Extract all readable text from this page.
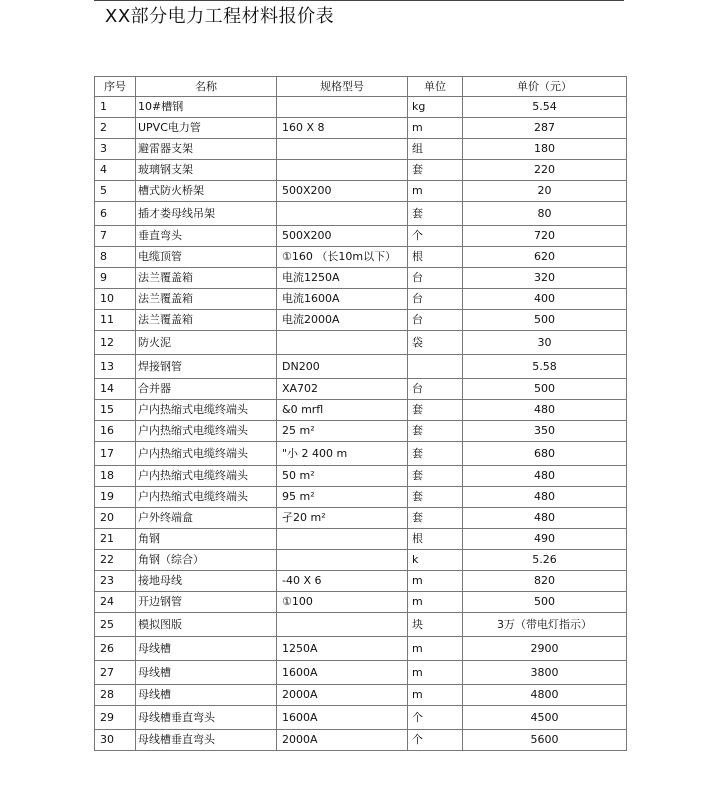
XX部分电力工程材料报价表
序号	名称	规格型号	单位	单价（元）
1	10#槽钢		kg	5.54
2	UPVC电力管	160 X 8	m	287
3	避雷器支架		组	180
4	玻璃钢支架		套	220
5	槽式防火桥架	500X200	m	20
6	插才娄母线吊架		套	80
7	垂直弯头	500X200	个	720
8	电缆顶管	①160 （长10m以下）	根	620
9	法兰覆盖箱	电流1250A	台	320
10	法兰覆盖箱	电流1600A	台	400
11	法兰覆盖箱	电流2000A	台	500
12	防火泥		袋	30
13	焊接钢管	DN200		5.58
14	合并器	XA702	台	500
15	户内热缩式电缆终端头	&0 mrfl	套	480
16	户内热缩式电缆终端头	25 m²	套	350
17	户内热缩式电缆终端头	"小 2 400 m	套	680
18	户内热缩式电缆终端头	50 m²	套	480
19	户内热缩式电缆终端头	95 m²	套	480
20	户外终端盒	孑20 m²	套	480
21	角钢		根	490
22	角钢（综合）		k	5.26
23	接地母线	-40 X 6	m	820
24	开边钢管	①100	m	500
25	模拟图版		块	3万（带电灯指示）
26	母线槽	1250A	m	2900
27	母线槽	1600A	m	3800
28	母线槽	2000A	m	4800
29	母线槽垂直弯头	1600A	个	4500
30	母线槽垂直弯头	2000A	个	5600
